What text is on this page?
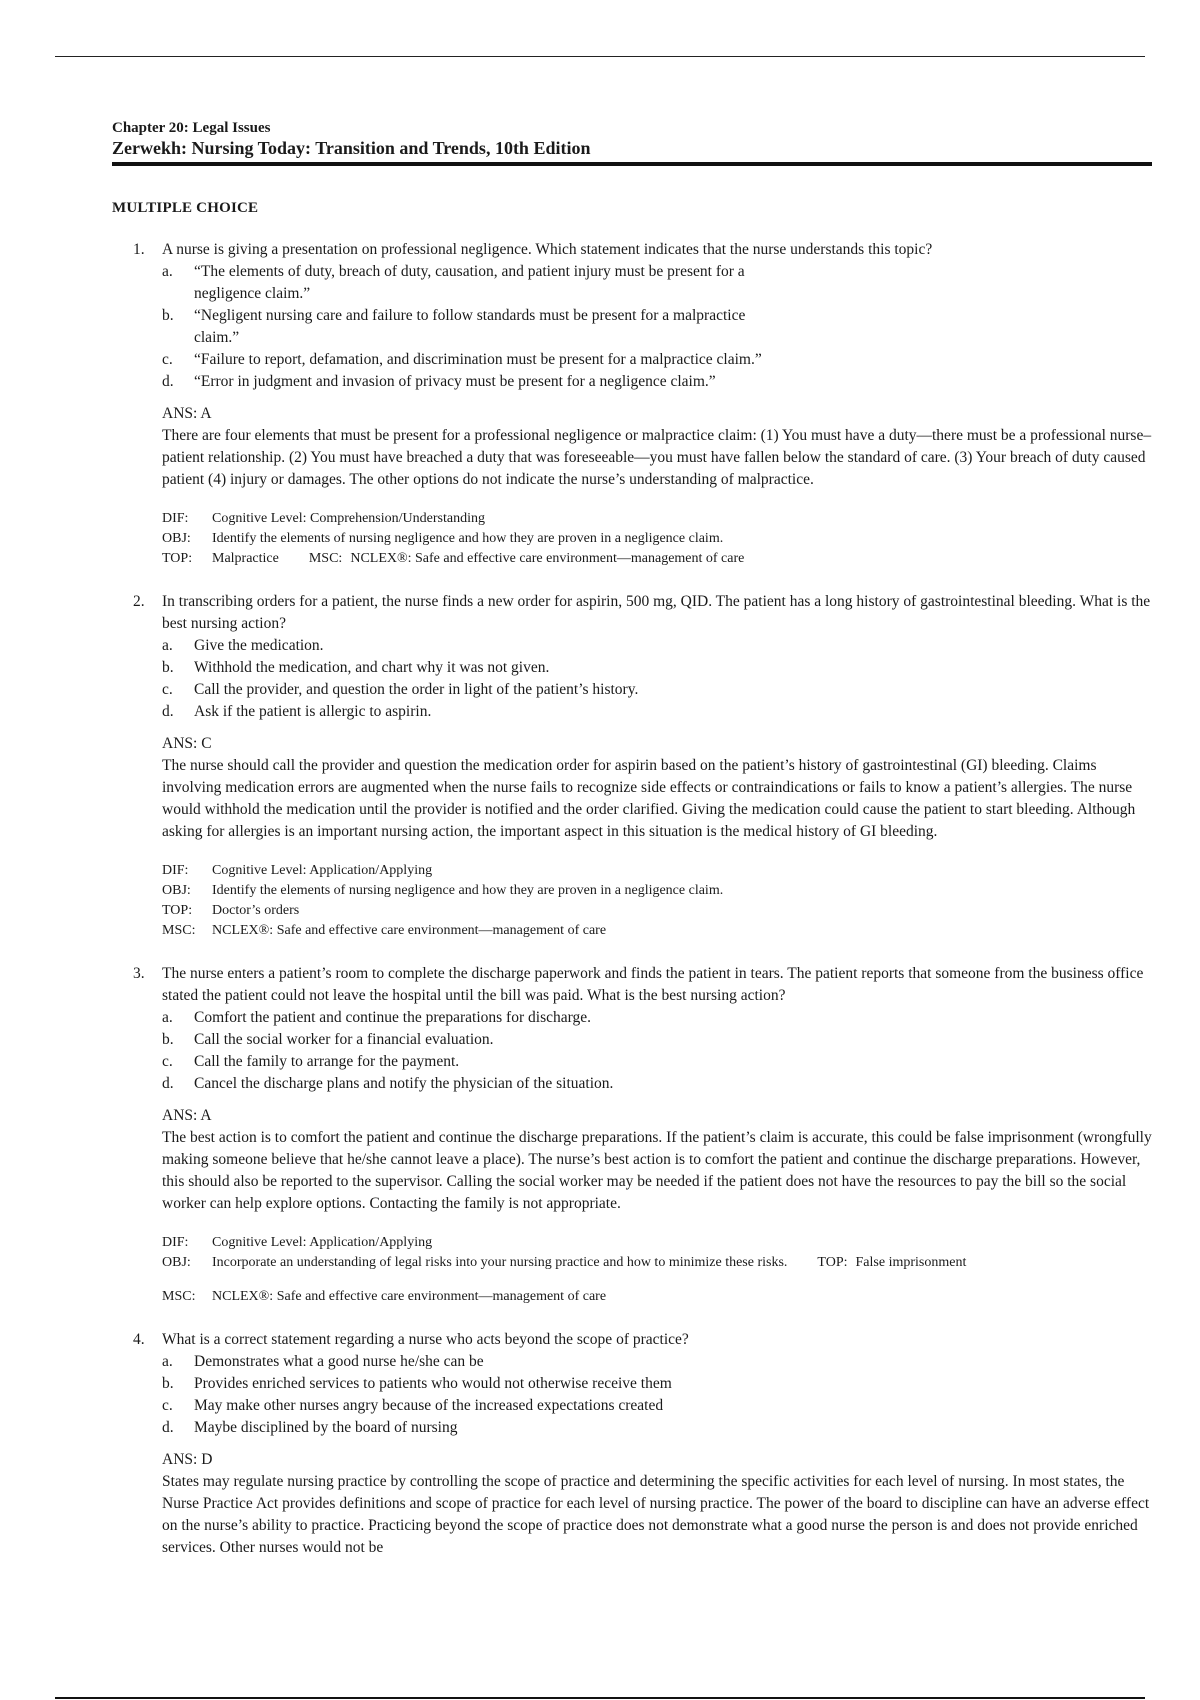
Chapter 20: Legal Issues
Zerwekh: Nursing Today: Transition and Trends, 10th Edition
MULTIPLE CHOICE
1. A nurse is giving a presentation on professional negligence. Which statement indicates that the nurse understands this topic?
a. “The elements of duty, breach of duty, causation, and patient injury must be present for a negligence claim.”
b. “Negligent nursing care and failure to follow standards must be present for a malpractice claim.”
c. “Failure to report, defamation, and discrimination must be present for a malpractice claim.”
d. “Error in judgment and invasion of privacy must be present for a negligence claim.”
ANS: A
There are four elements that must be present for a professional negligence or malpractice claim: (1) You must have a duty—there must be a professional nurse–patient relationship. (2) You must have breached a duty that was foreseeable—you must have fallen below the standard of care. (3) Your breach of duty caused patient (4) injury or damages. The other options do not indicate the nurse’s understanding of malpractice.
DIF:	Cognitive Level: Comprehension/Understanding
OBJ:	Identify the elements of nursing negligence and how they are proven in a negligence claim.
TOP:	Malpractice MSC: NCLEX®: Safe and effective care environment—management of care
2. In transcribing orders for a patient, the nurse finds a new order for aspirin, 500 mg, QID. The patient has a long history of gastrointestinal bleeding. What is the best nursing action?
a. Give the medication.
b. Withhold the medication, and chart why it was not given.
c. Call the provider, and question the order in light of the patient’s history.
d. Ask if the patient is allergic to aspirin.
ANS: C
The nurse should call the provider and question the medication order for aspirin based on the patient’s history of gastrointestinal (GI) bleeding. Claims involving medication errors are augmented when the nurse fails to recognize side effects or contraindications or fails to know a patient’s allergies. The nurse would withhold the medication until the provider is notified and the order clarified. Giving the medication could cause the patient to start bleeding. Although asking for allergies is an important nursing action, the important aspect in this situation is the medical history of GI bleeding.
DIF:	Cognitive Level: Application/Applying
OBJ:	Identify the elements of nursing negligence and how they are proven in a negligence claim.
TOP:	Doctor’s orders
MSC:	NCLEX®: Safe and effective care environment—management of care
3. The nurse enters a patient’s room to complete the discharge paperwork and finds the patient in tears. The patient reports that someone from the business office stated the patient could not leave the hospital until the bill was paid. What is the best nursing action?
a. Comfort the patient and continue the preparations for discharge.
b. Call the social worker for a financial evaluation.
c. Call the family to arrange for the payment.
d. Cancel the discharge plans and notify the physician of the situation.
ANS: A
The best action is to comfort the patient and continue the discharge preparations. If the patient’s claim is accurate, this could be false imprisonment (wrongfully making someone believe that he/she cannot leave a place). The nurse’s best action is to comfort the patient and continue the discharge preparations. However, this should also be reported to the supervisor. Calling the social worker may be needed if the patient does not have the resources to pay the bill so the social worker can help explore options. Contacting the family is not appropriate.
DIF:	Cognitive Level: Application/Applying
OBJ:	Incorporate an understanding of legal risks into your nursing practice and how to minimize these risks. TOP: False imprisonment
MSC:	NCLEX®: Safe and effective care environment—management of care
4. What is a correct statement regarding a nurse who acts beyond the scope of practice?
a. Demonstrates what a good nurse he/she can be
b. Provides enriched services to patients who would not otherwise receive them
c. May make other nurses angry because of the increased expectations created
d. Maybe disciplined by the board of nursing
ANS: D
States may regulate nursing practice by controlling the scope of practice and determining the specific activities for each level of nursing. In most states, the Nurse Practice Act provides definitions and scope of practice for each level of nursing practice. The power of the board to discipline can have an adverse effect on the nurse’s ability to practice. Practicing beyond the scope of practice does not demonstrate what a good nurse the person is and does not provide enriched services. Other nurses would not be
